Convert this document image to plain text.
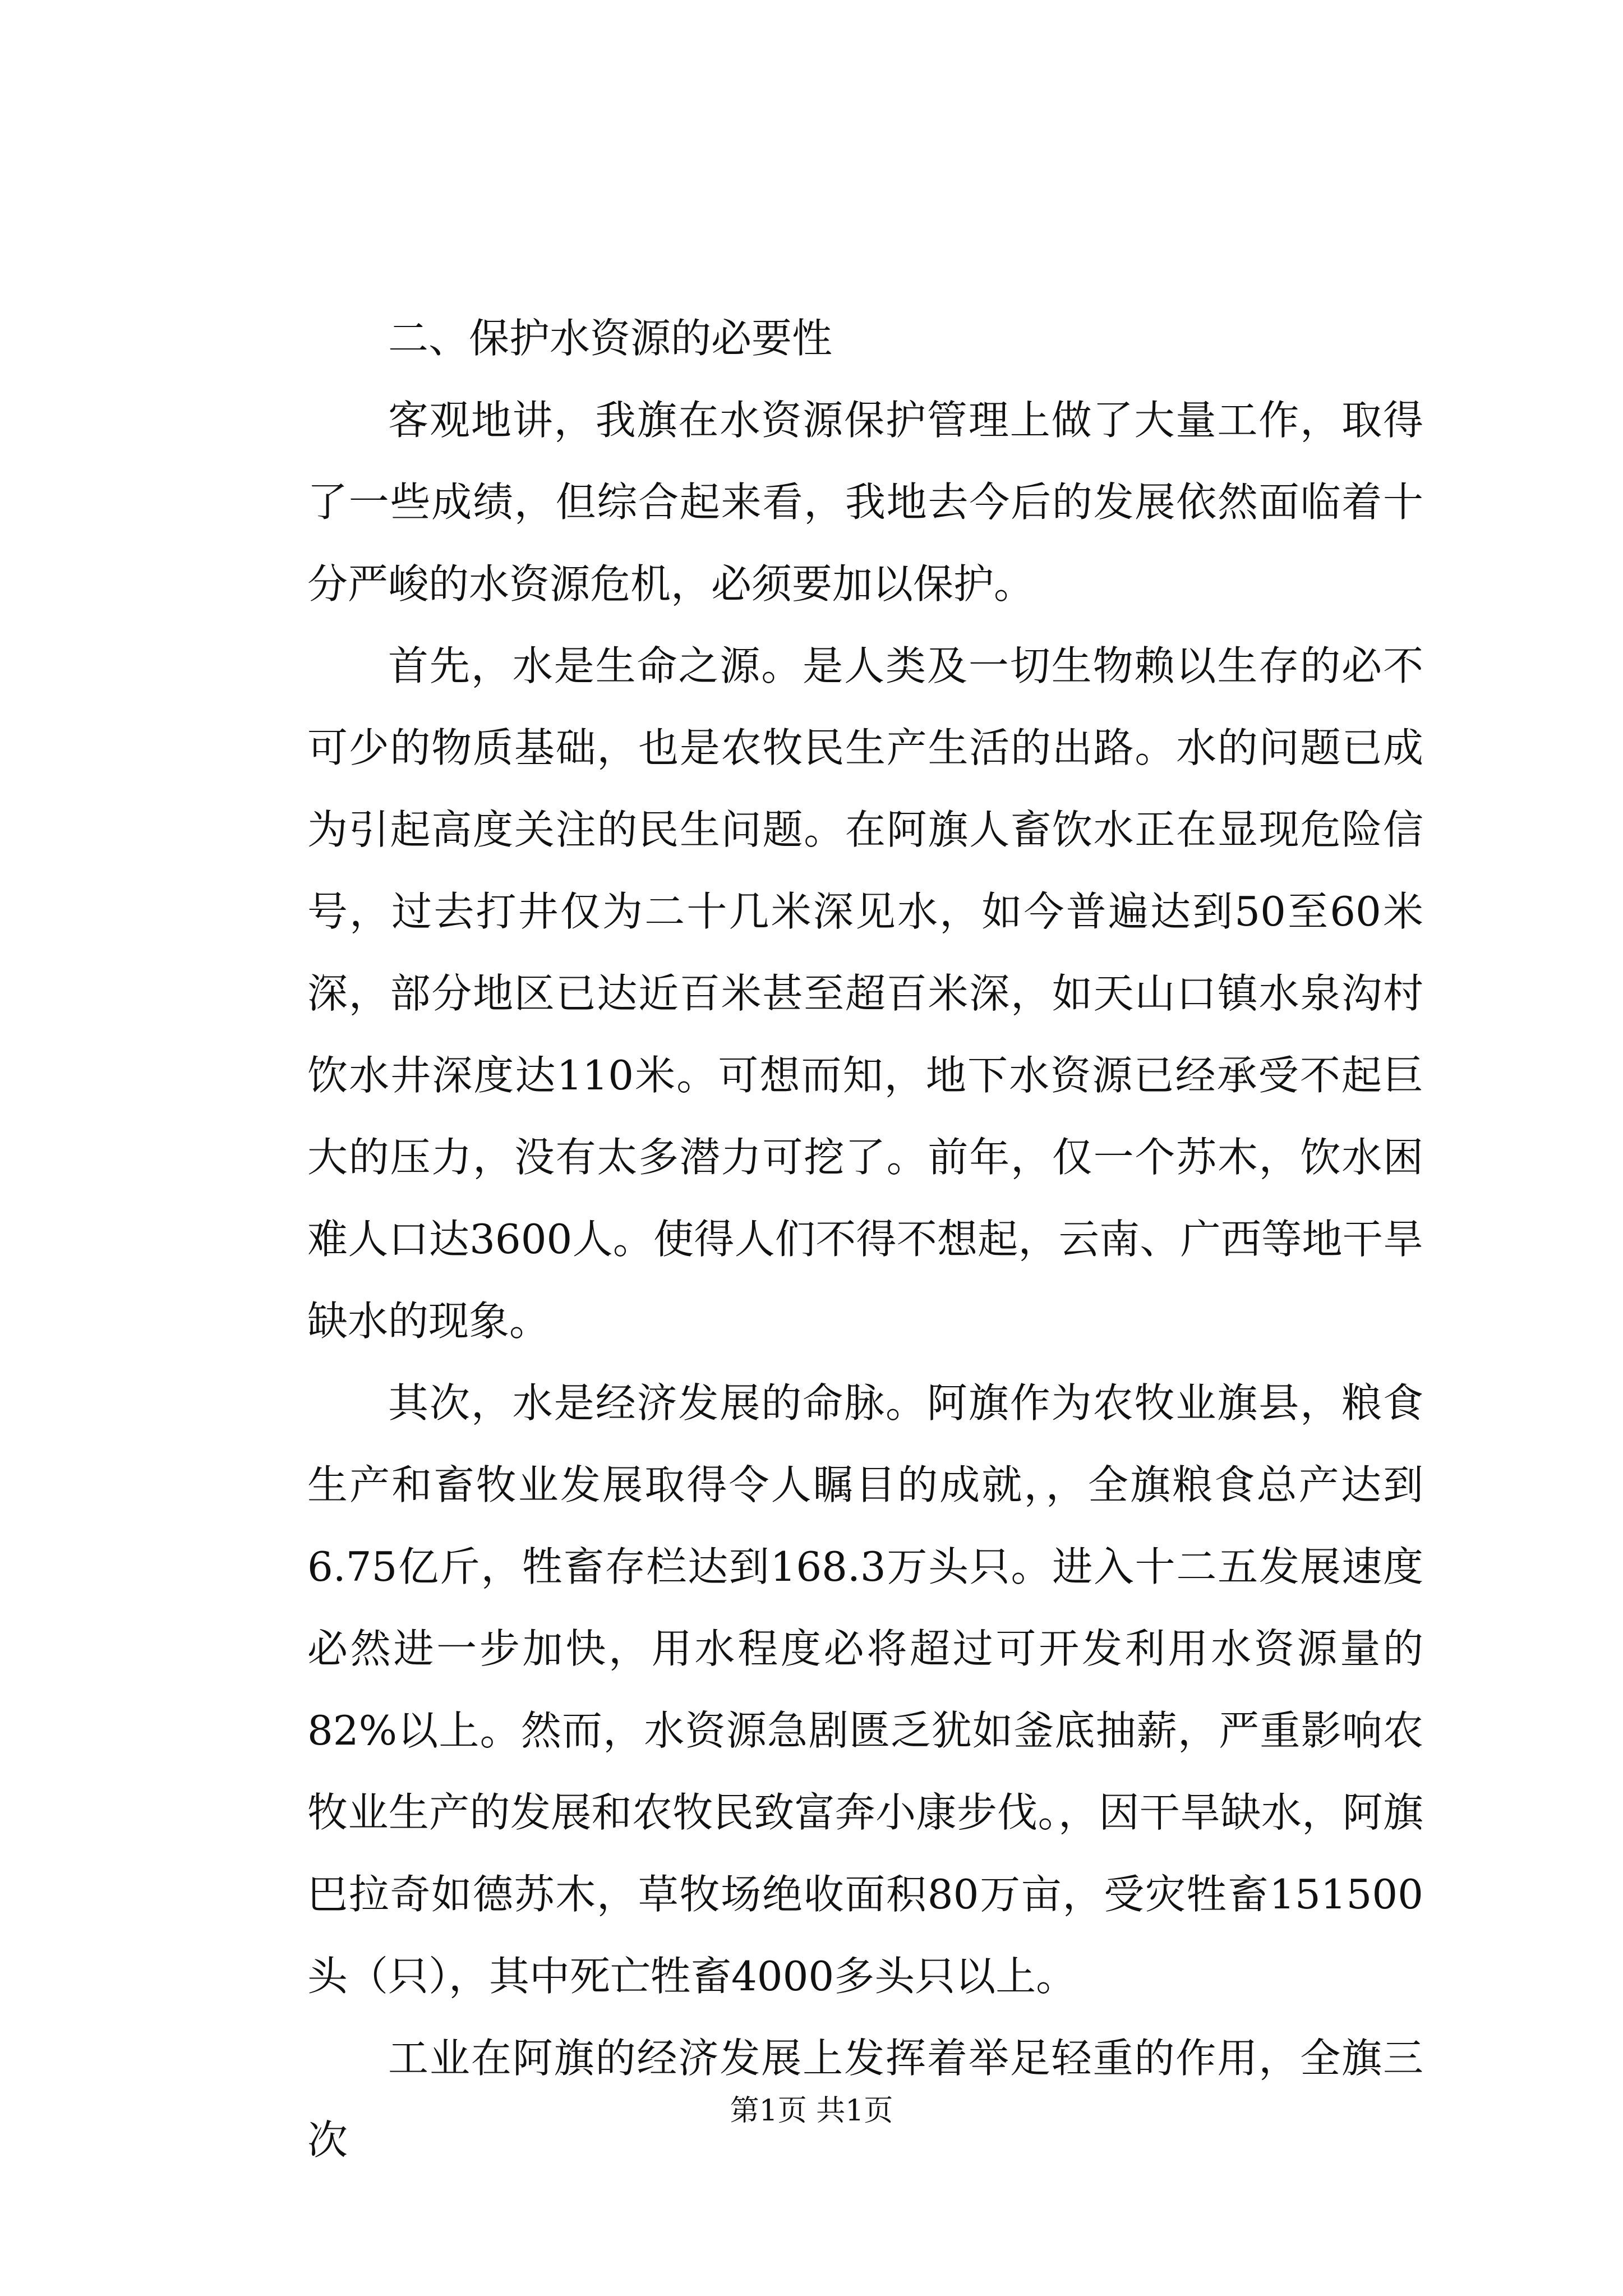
二、保护水资源的必要性

客观地讲，我旗在水资源保护管理上做了大量工作，取得了一些成绩，但综合起来看，我地去今后的发展依然面临着十分严峻的水资源危机，必须要加以保护。

首先，水是生命之源。是人类及一切生物赖以生存的必不可少的物质基础，也是农牧民生产生活的出路。水的问题已成为引起高度关注的民生问题。在阿旗人畜饮水正在显现危险信号，过去打井仅为二十几米深见水，如今普遍达到50至60米深，部分地区已达近百米甚至超百米深，如天山口镇水泉沟村饮水井深度达110米。可想而知，地下水资源已经承受不起巨大的压力，没有太多潜力可挖了。前年，仅一个苏木，饮水困难人口达3600人。使得人们不得不想起，云南、广西等地干旱缺水的现象。

其次，水是经济发展的命脉。阿旗作为农牧业旗县，粮食生产和畜牧业发展取得令人瞩目的成就，，全旗粮食总产达到6.75亿斤，牲畜存栏达到168.3万头只。进入十二五发展速度必然进一步加快，用水程度必将超过可开发利用水资源量的82%以上。然而，水资源急剧匮乏犹如釜底抽薪，严重影响农牧业生产的发展和农牧民致富奔小康步伐。，因干旱缺水，阿旗巴拉奇如德苏木，草牧场绝收面积80万亩，受灾牲畜151500头（只），其中死亡牲畜4000多头只以上。

工业在阿旗的经济发展上发挥着举足轻重的作用，全旗三次

第1页 共1页
